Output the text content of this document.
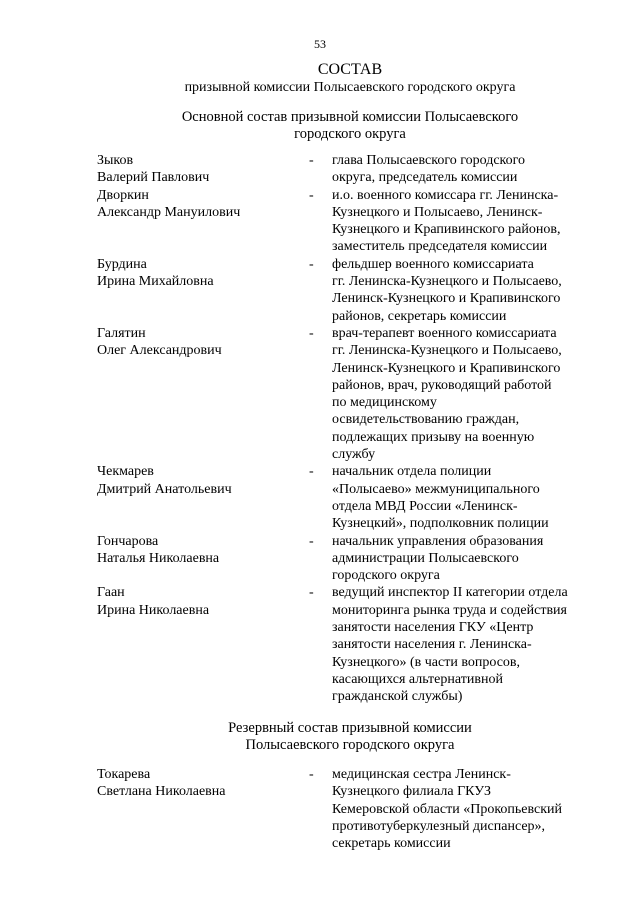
53
СОСТАВ
призывной комиссии Полысаевского городского округа
Основной состав призывной комиссии Полысаевского
городского округа
Зыков
Валерий Павлович
-	глава Полысаевского городского
округа, председатель комиссии
Дворкин
Александр Мануилович
-	и.о. военного комиссара гг. Ленинска-
Кузнецкого и Полысаево, Ленинск-
Кузнецкого и Крапивинского районов,
заместитель председателя комиссии
Бурдина
Ирина Михайловна
-	фельдшер военного комиссариата
гг. Ленинска-Кузнецкого и Полысаево,
Ленинск-Кузнецкого и Крапивинского
районов, секретарь комиссии
Галятин
Олег Александрович
-	врач-терапевт военного комиссариата
гг. Ленинска-Кузнецкого и Полысаево,
Ленинск-Кузнецкого и Крапивинского
районов, врач, руководящий работой
по медицинскому
освидетельствованию граждан,
подлежащих призыву на военную
службу
Чекмарев
Дмитрий Анатольевич
-	начальник отдела полиции
«Полысаево» межмуниципального
отдела МВД России «Ленинск-
Кузнецкий», подполковник полиции
Гончарова
Наталья Николаевна
-	начальник управления образования
администрации Полысаевского
городского округа
Гаан
Ирина Николаевна
-	ведущий инспектор II категории отдела
мониторинга рынка труда и содействия
занятости населения ГКУ «Центр
занятости населения г. Ленинска-
Кузнецкого» (в части вопросов,
касающихся альтернативной
гражданской службы)
Резервный состав призывной комиссии
Полысаевского городского округа
Токарева
Светлана Николаевна
-	медицинская сестра Ленинск-
Кузнецкого филиала ГКУЗ
Кемеровской области «Прокопьевский
противотуберкулезный диспансер»,
секретарь комиссии
